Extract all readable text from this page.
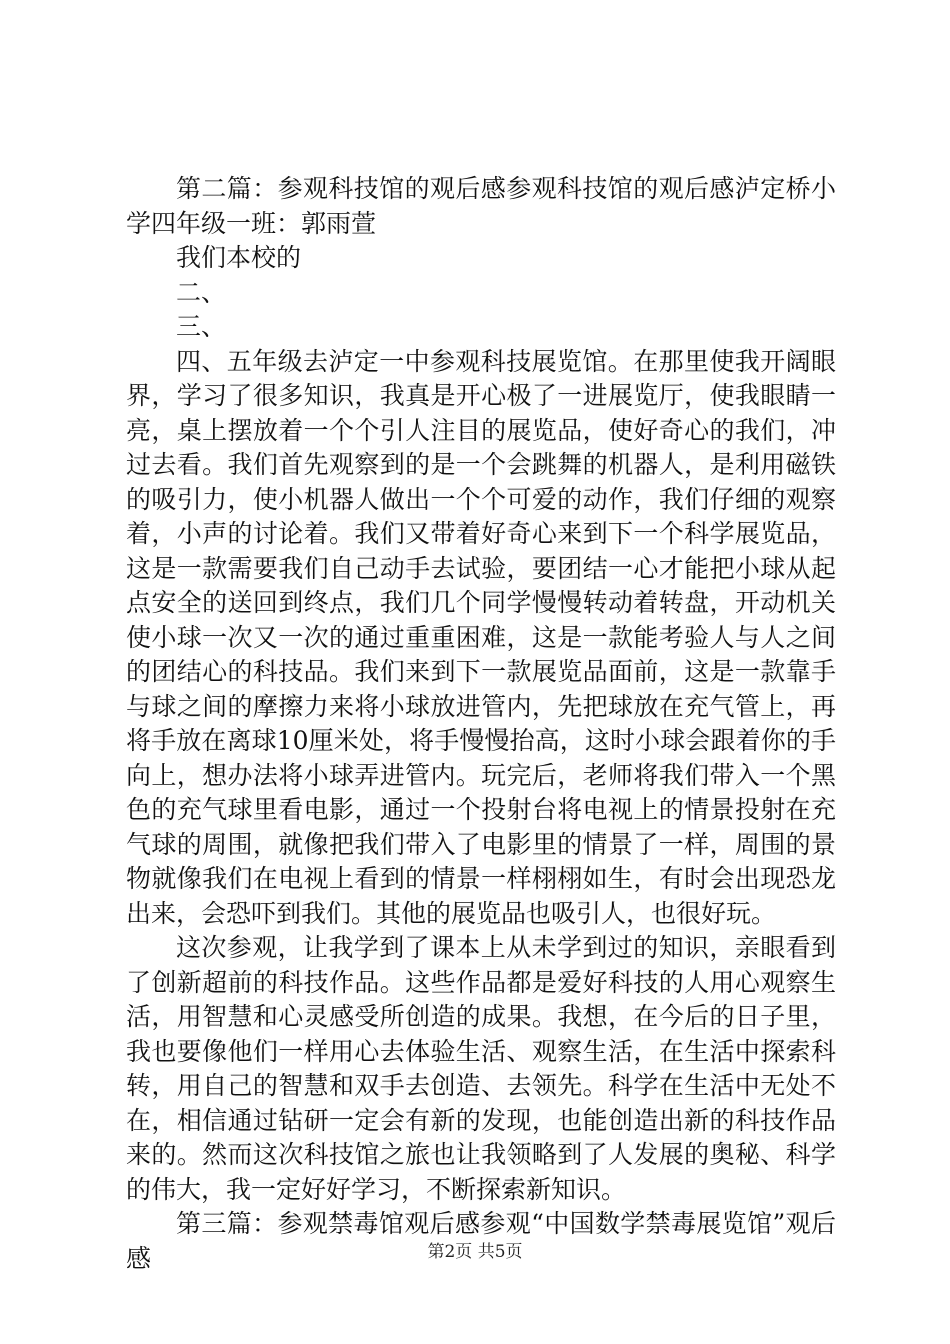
第二篇：参观科技馆的观后感参观科技馆的观后感泸定桥小学四年级一班：郭雨萱

我们本校的

二、

三、

四、五年级去泸定一中参观科技展览馆。在那里使我开阔眼界，学习了很多知识，我真是开心极了一进展览厅，使我眼睛一亮，桌上摆放着一个个引人注目的展览品，使好奇心的我们，冲过去看。我们首先观察到的是一个会跳舞的机器人，是利用磁铁的吸引力，使小机器人做出一个个可爱的动作，我们仔细的观察着，小声的讨论着。我们又带着好奇心来到下一个科学展览品，这是一款需要我们自己动手去试验，要团结一心才能把小球从起点安全的送回到终点，我们几个同学慢慢转动着转盘，开动机关使小球一次又一次的通过重重困难，这是一款能考验人与人之间的团结心的科技品。我们来到下一款展览品面前，这是一款靠手与球之间的摩擦力来将小球放进管内，先把球放在充气管上，再将手放在离球10厘米处，将手慢慢抬高，这时小球会跟着你的手向上，想办法将小球弄进管内。玩完后，老师将我们带入一个黑色的充气球里看电影，通过一个投射台将电视上的情景投射在充气球的周围，就像把我们带入了电影里的情景了一样，周围的景物就像我们在电视上看到的情景一样栩栩如生，有时会出现恐龙出来，会恐吓到我们。其他的展览品也吸引人，也很好玩。

这次参观，让我学到了课本上从未学到过的知识，亲眼看到了创新超前的科技作品。这些作品都是爱好科技的人用心观察生活，用智慧和心灵感受所创造的成果。我想，在今后的日子里，我也要像他们一样用心去体验生活、观察生活，在生活中探索科转，用自己的智慧和双手去创造、去领先。科学在生活中无处不在，相信通过钻研一定会有新的发现，也能创造出新的科技作品来的。然而这次科技馆之旅也让我领略到了人发展的奥秘、科学的伟大，我一定好好学习，不断探索新知识。

第三篇：参观禁毒馆观后感参观“中国数学禁毒展览馆”观后感	第2页 共5页
